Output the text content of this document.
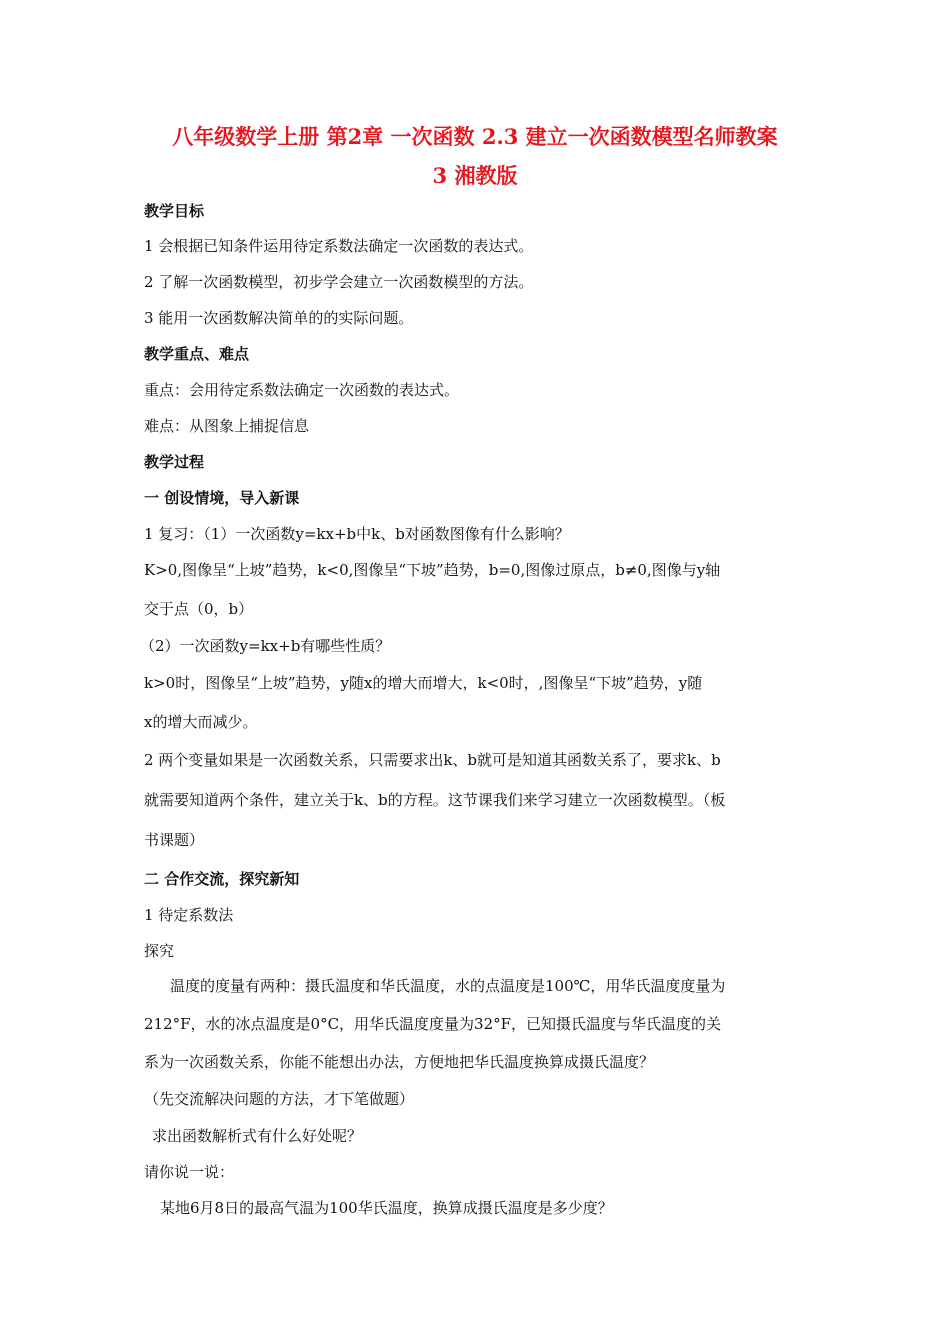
八年级数学上册 第2章 一次函数 2.3 建立一次函数模型名师教案
3 湘教版
教学目标
1 会根据已知条件运用待定系数法确定一次函数的表达式。
2 了解一次函数模型，初步学会建立一次函数模型的方法。
3 能用一次函数解决简单的的实际问题。
教学重点、难点
重点：会用待定系数法确定一次函数的表达式。
难点：从图象上捕捉信息
教学过程
一 创设情境，导入新课
1 复习：（1）一次函数y=kx+b中k、b对函数图像有什么影响？
K>0,图像呈“上坡”趋势，k<0,图像呈“下坡”趋势，b=0,图像过原点，b≠0,图像与y轴
交于点（0，b）
（2）一次函数y=kx+b有哪些性质？
k>0时，图像呈“上坡”趋势，y随x的增大而增大，k<0时，,图像呈“下坡”趋势，y随
x的增大而减少。
2 两个变量如果是一次函数关系，只需要求出k、b就可是知道其函数关系了，要求k、b
就需要知道两个条件，建立关于k、b的方程。这节课我们来学习建立一次函数模型。（板
书课题）
二 合作交流，探究新知
1 待定系数法
探究
温度的度量有两种：摄氏温度和华氏温度，水的点温度是100℃，用华氏温度度量为
212°F，水的冰点温度是0°C，用华氏温度度量为32°F，已知摄氏温度与华氏温度的关
系为一次函数关系，你能不能想出办法，方便地把华氏温度换算成摄氏温度？
（先交流解决问题的方法，才下笔做题）
求出函数解析式有什么好处呢？
请你说一说：
某地6月8日的最高气温为100华氏温度，换算成摄氏温度是多少度？
